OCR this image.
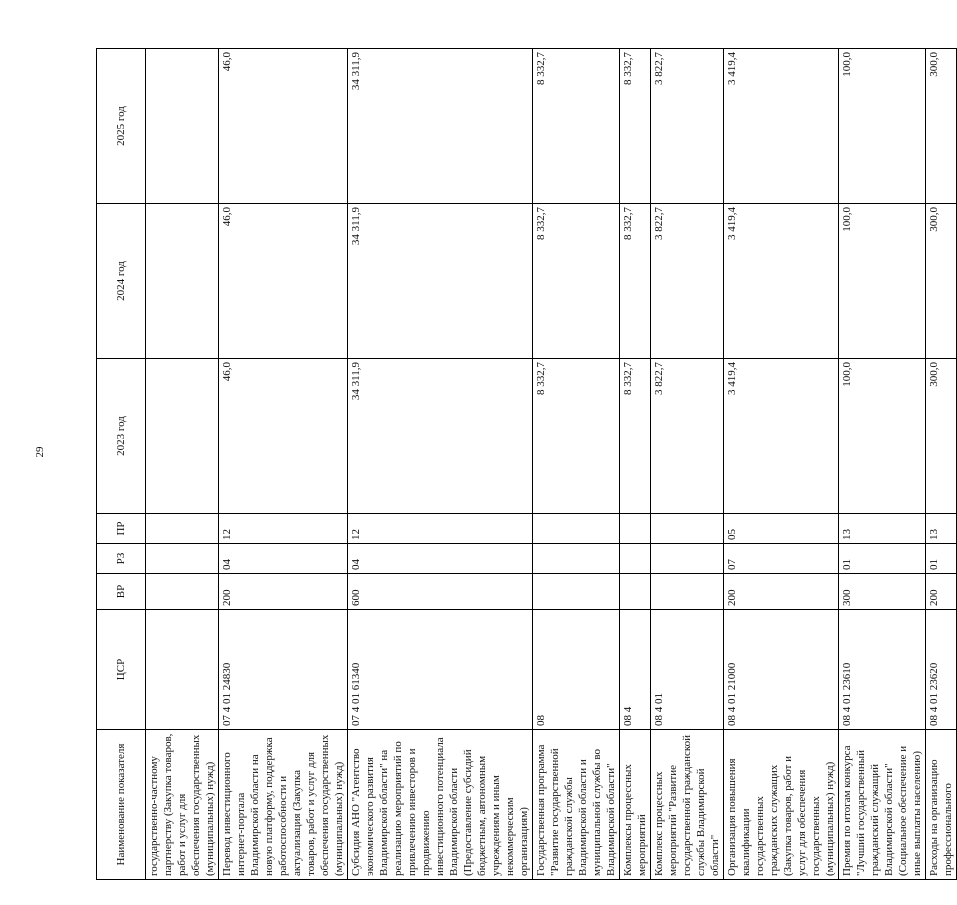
29
Наименование показателя	ЦСР	ВР	РЗ	ПР	2023 год	2024 год	2025 год
государственно-частному партнерству (Закупка товаров, работ и услуг для обеспечения государственных (муниципальных) нужд)							
Перевод инвестиционного интернет-портала Владимирской области на новую платформу, поддержка работоспособности и актуализация (Закупка товаров, работ и услуг для обеспечения государственных (муниципальных) нужд)	07 4 01 24830	200	04	12	46,0	46,0	46,0
Субсидия АНО "Агентство экономического развития Владимирской области" на реализацию мероприятий по привлечению инвесторов и продвижению инвестиционного потенциала Владимирской области (Предоставление субсидий бюджетным, автономным учреждениям и иным некоммерческим организациям)	07 4 01 61340	600	04	12	34 311,9	34 311,9	34 311,9
Государственная программа "Развитие государственной гражданской службы Владимирской области и муниципальной службы во Владимирской области"	08				8 332,7	8 332,7	8 332,7
Комплексы процессных мероприятий	08 4				8 332,7	8 332,7	8 332,7
Комплекс процессных мероприятий "Развитие государственной гражданской службы Владимирской области"	08 4 01				3 822,7	3 822,7	3 822,7
Организация повышения квалификации государственных гражданских служащих (Закупка товаров, работ и услуг для обеспечения государственных (муниципальных) нужд)	08 4 01 21000	200	07	05	3 419,4	3 419,4	3 419,4
Премия по итогам конкурса "Лучший государственный гражданский служащий Владимирской области" (Социальное обеспечение и иные выплаты населению)	08 4 01 23610	300	01	13	100,0	100,0	100,0
Расходы на организацию профессионального	08 4 01 23620	200	01	13	300,0	300,0	300,0
